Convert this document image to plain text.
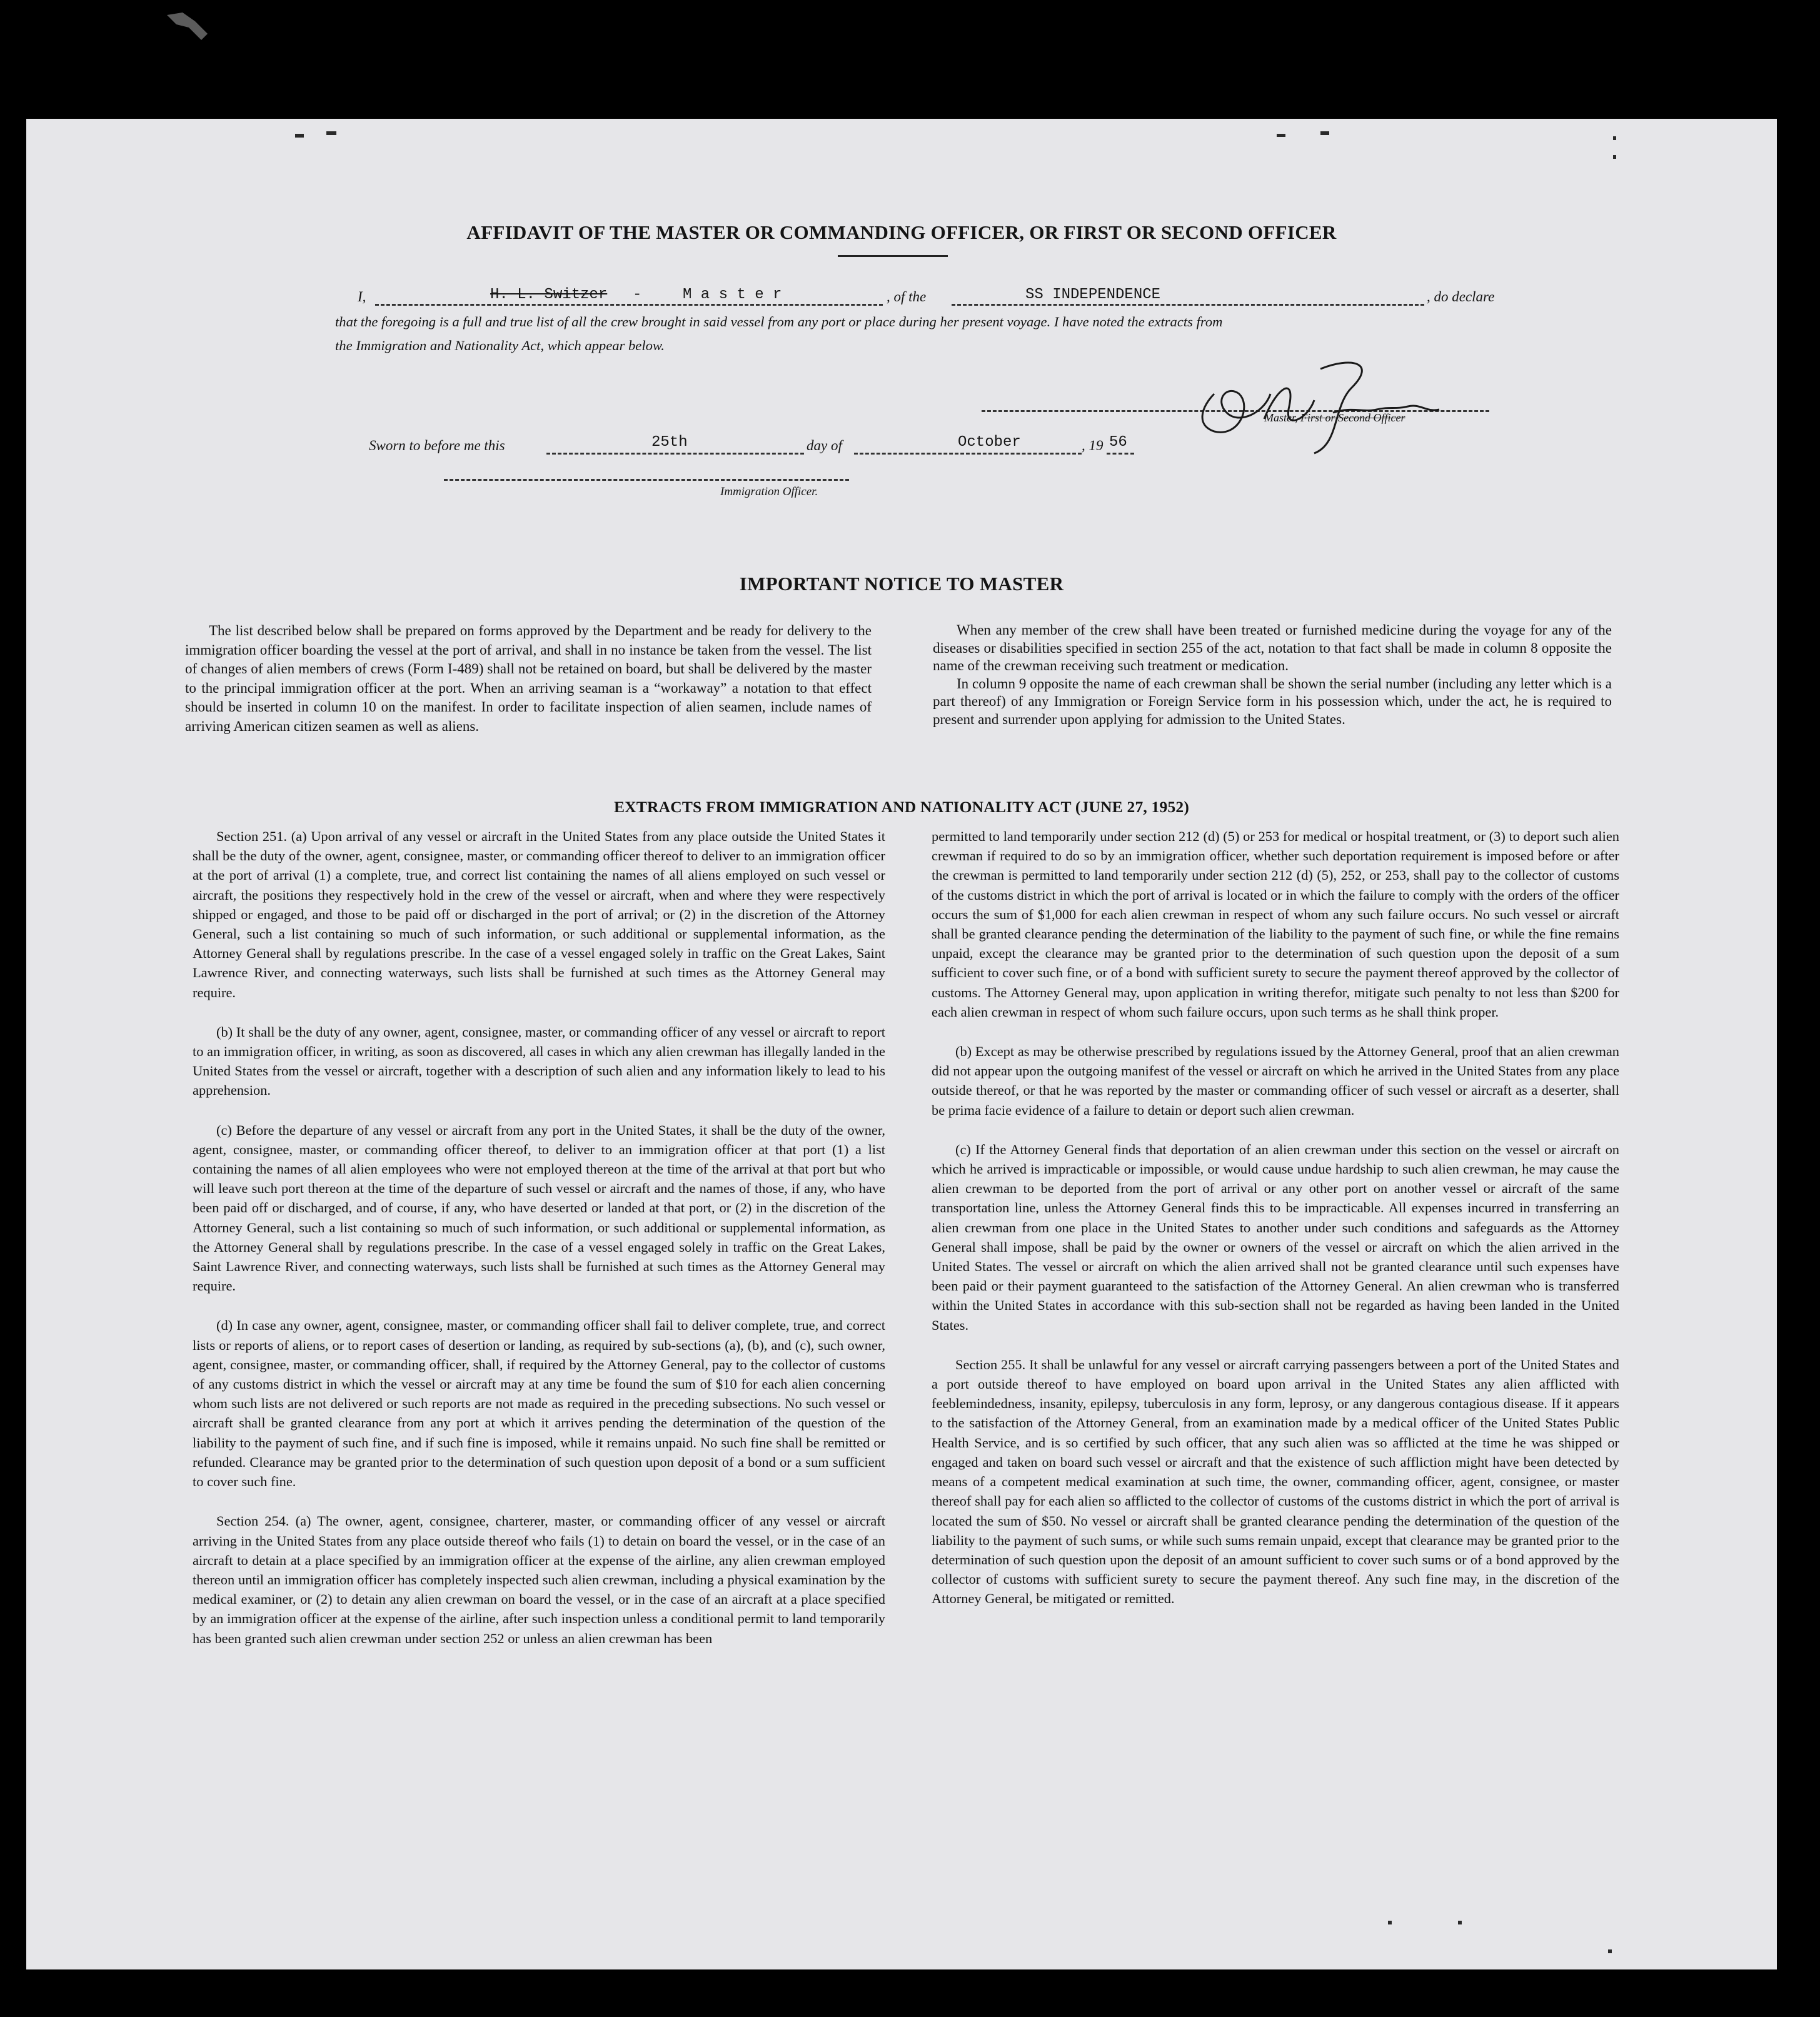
AFFIDAVIT OF THE MASTER OR COMMANDING OFFICER, OR FIRST OR SECOND OFFICER
I,	H. L. Switzer -	M a s t e r	, of the	SS INDEPENDENCE	, do declare
that the foregoing is a full and true list of all the crew brought in said vessel from any port or place during her present voyage. I have noted the extracts from
the Immigration and Nationality Act, which appear below.
Master, First or Second Officer
Sworn to before me this	25th	day of	October	, 19 56
Immigration Officer.
IMPORTANT NOTICE TO MASTER

The list described below shall be prepared on forms approved by the Department and be ready for delivery to the immigration officer boarding the vessel at the port of arrival, and shall in no instance be taken from the vessel. The list of changes of alien members of crews (Form I-489) shall not be retained on board, but shall be delivered by the master to the principal immigration officer at the port. When an arriving seaman is a “workaway” a notation to that effect should be inserted in column 10 on the manifest. In order to facilitate inspection of alien seamen, include names of arriving American citizen seamen as well as aliens.

When any member of the crew shall have been treated or furnished medicine during the voyage for any of the diseases or disabilities specified in section 255 of the act, notation to that fact shall be made in column 8 opposite the name of the crewman receiving such treatment or medication.

In column 9 opposite the name of each crewman shall be shown the serial number (including any letter which is a part thereof) of any Immigration or Foreign Service form in his possession which, under the act, he is required to present and surrender upon applying for admission to the United States.

EXTRACTS FROM IMMIGRATION AND NATIONALITY ACT (JUNE 27, 1952)

Section 251. (a) Upon arrival of any vessel or aircraft in the United States from any place outside the United States it shall be the duty of the owner, agent, consignee, master, or commanding officer thereof to deliver to an immigration officer at the port of arrival (1) a complete, true, and correct list containing the names of all aliens employed on such vessel or aircraft, the positions they respectively hold in the crew of the vessel or aircraft, when and where they were respectively shipped or engaged, and those to be paid off or discharged in the port of arrival; or (2) in the discretion of the Attorney General, such a list containing so much of such information, or such additional or supplemental information, as the Attorney General shall by regulations prescribe. In the case of a vessel engaged solely in traffic on the Great Lakes, Saint Lawrence River, and connecting waterways, such lists shall be furnished at such times as the Attorney General may require.

(b) It shall be the duty of any owner, agent, consignee, master, or commanding officer of any vessel or aircraft to report to an immigration officer, in writing, as soon as discovered, all cases in which any alien crewman has illegally landed in the United States from the vessel or aircraft, together with a description of such alien and any information likely to lead to his apprehension.

(c) Before the departure of any vessel or aircraft from any port in the United States, it shall be the duty of the owner, agent, consignee, master, or commanding officer thereof, to deliver to an immigration officer at that port (1) a list containing the names of all alien employees who were not employed thereon at the time of the arrival at that port but who will leave such port thereon at the time of the departure of such vessel or aircraft and the names of those, if any, who have been paid off or discharged, and of course, if any, who have deserted or landed at that port, or (2) in the discretion of the Attorney General, such a list containing so much of such information, or such additional or supplemental information, as the Attorney General shall by regulations prescribe. In the case of a vessel engaged solely in traffic on the Great Lakes, Saint Lawrence River, and connecting waterways, such lists shall be furnished at such times as the Attorney General may require.

(d) In case any owner, agent, consignee, master, or commanding officer shall fail to deliver complete, true, and correct lists or reports of aliens, or to report cases of desertion or landing, as required by sub-sections (a), (b), and (c), such owner, agent, consignee, master, or commanding officer, shall, if required by the Attorney General, pay to the collector of customs of any customs district in which the vessel or aircraft may at any time be found the sum of $10 for each alien concerning whom such lists are not delivered or such reports are not made as required in the preceding subsections. No such vessel or aircraft shall be granted clearance from any port at which it arrives pending the determination of the question of the liability to the payment of such fine, and if such fine is imposed, while it remains unpaid. No such fine shall be remitted or refunded. Clearance may be granted prior to the determination of such question upon deposit of a bond or a sum sufficient to cover such fine.

Section 254. (a) The owner, agent, consignee, charterer, master, or commanding officer of any vessel or aircraft arriving in the United States from any place outside thereof who fails (1) to detain on board the vessel, or in the case of an aircraft to detain at a place specified by an immigration officer at the expense of the airline, any alien crewman employed thereon until an immigration officer has completely inspected such alien crewman, including a physical examination by the medical examiner, or (2) to detain any alien crewman on board the vessel, or in the case of an aircraft at a place specified by an immigration officer at the expense of the airline, after such inspection unless a conditional permit to land temporarily has been granted such alien crewman under section 252 or unless an alien crewman has been

permitted to land temporarily under section 212 (d) (5) or 253 for medical or hospital treatment, or (3) to deport such alien crewman if required to do so by an immigration officer, whether such deportation requirement is imposed before or after the crewman is permitted to land temporarily under section 212 (d) (5), 252, or 253, shall pay to the collector of customs of the customs district in which the port of arrival is located or in which the failure to comply with the orders of the officer occurs the sum of $1,000 for each alien crewman in respect of whom any such failure occurs. No such vessel or aircraft shall be granted clearance pending the determination of the liability to the payment of such fine, or while the fine remains unpaid, except the clearance may be granted prior to the determination of such question upon the deposit of a sum sufficient to cover such fine, or of a bond with sufficient surety to secure the payment thereof approved by the collector of customs. The Attorney General may, upon application in writing therefor, mitigate such penalty to not less than $200 for each alien crewman in respect of whom such failure occurs, upon such terms as he shall think proper.

(b) Except as may be otherwise prescribed by regulations issued by the Attorney General, proof that an alien crewman did not appear upon the outgoing manifest of the vessel or aircraft on which he arrived in the United States from any place outside thereof, or that he was reported by the master or commanding officer of such vessel or aircraft as a deserter, shall be prima facie evidence of a failure to detain or deport such alien crewman.

(c) If the Attorney General finds that deportation of an alien crewman under this section on the vessel or aircraft on which he arrived is impracticable or impossible, or would cause undue hardship to such alien crewman, he may cause the alien crewman to be deported from the port of arrival or any other port on another vessel or aircraft of the same transportation line, unless the Attorney General finds this to be impracticable. All expenses incurred in transferring an alien crewman from one place in the United States to another under such conditions and safeguards as the Attorney General shall impose, shall be paid by the owner or owners of the vessel or aircraft on which the alien arrived in the United States. The vessel or aircraft on which the alien arrived shall not be granted clearance until such expenses have been paid or their payment guaranteed to the satisfaction of the Attorney General. An alien crewman who is transferred within the United States in accordance with this sub-section shall not be regarded as having been landed in the United States.

Section 255. It shall be unlawful for any vessel or aircraft carrying passengers between a port of the United States and a port outside thereof to have employed on board upon arrival in the United States any alien afflicted with feeblemindedness, insanity, epilepsy, tuberculosis in any form, leprosy, or any dangerous contagious disease. If it appears to the satisfaction of the Attorney General, from an examination made by a medical officer of the United States Public Health Service, and is so certified by such officer, that any such alien was so afflicted at the time he was shipped or engaged and taken on board such vessel or aircraft and that the existence of such affliction might have been detected by means of a competent medical examination at such time, the owner, commanding officer, agent, consignee, or master thereof shall pay for each alien so afflicted to the collector of customs of the customs district in which the port of arrival is located the sum of $50. No vessel or aircraft shall be granted clearance pending the determination of the question of the liability to the payment of such sums, or while such sums remain unpaid, except that clearance may be granted prior to the determination of such question upon the deposit of an amount sufficient to cover such sums or of a bond approved by the collector of customs with sufficient surety to secure the payment thereof. Any such fine may, in the discretion of the Attorney General, be mitigated or remitted.
